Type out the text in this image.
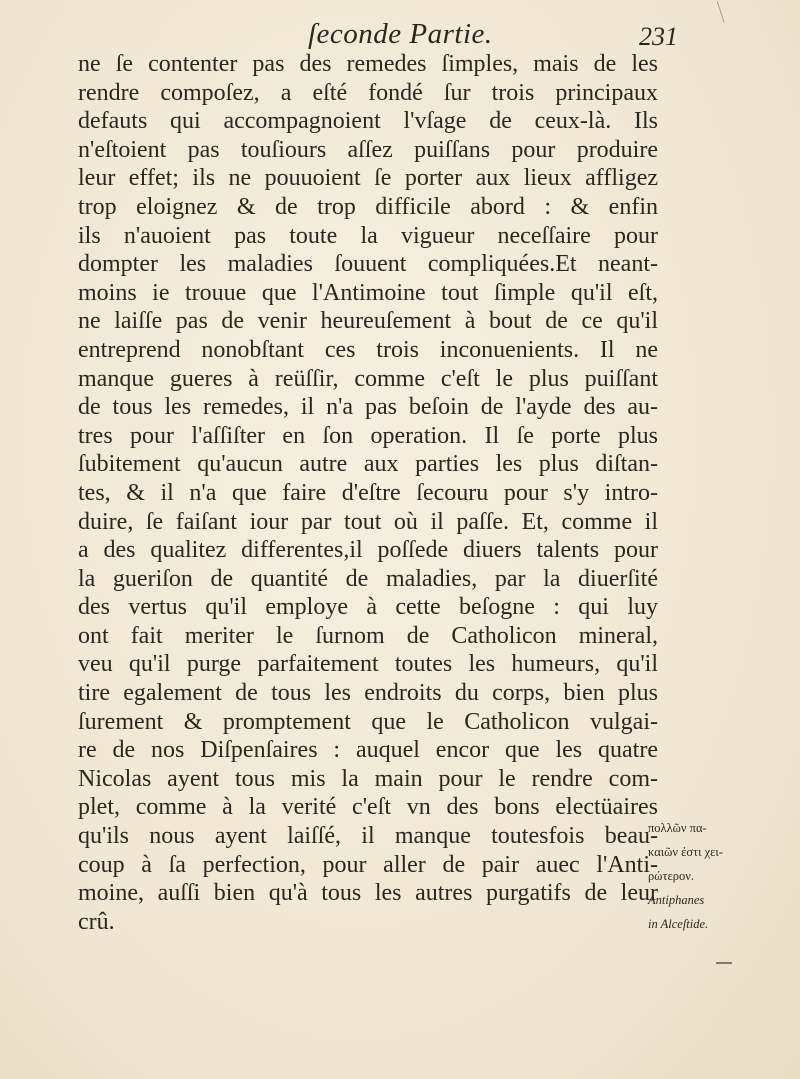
ſeconde Partie.	231
ne ſe contenter pas des remedes ſimples, mais de les
rendre compoſez, a eſté fondé ſur trois principaux
defauts qui accompagnoient l'vſage de ceux-là. Ils
n'eſtoient pas touſiours aſſez puiſſans pour produire
leur effet; ils ne pouuoient ſe porter aux lieux affligez
trop eloignez & de trop difficile abord : & enfin
ils n'auoient pas toute la vigueur neceſſaire pour
dompter les maladies ſouuent compliquées.Et neant-
moins ie trouue que l'Antimoine tout ſimple qu'il eſt,
ne laiſſe pas de venir heureuſement à bout de ce qu'il
entreprend nonobſtant ces trois inconuenients. Il ne
manque gueres à reüſſir, comme c'eſt le plus puiſſant
de tous les remedes, il n'a pas beſoin de l'ayde des au-
tres pour l'aſſiſter en ſon operation. Il ſe porte plus
ſubitement qu'aucun autre aux parties les plus diſtan-
tes, & il n'a que faire d'eſtre ſecouru pour s'y intro-
duire, ſe faiſant iour par tout où il paſſe. Et, comme il
a des qualitez differentes,il poſſede diuers talents pour
la gueriſon de quantité de maladies, par la diuerſité
des vertus qu'il employe à cette beſogne : qui luy
ont fait meriter le ſurnom de Catholicon mineral,
veu qu'il purge parfaitement toutes les humeurs, qu'il
tire egalement de tous les endroits du corps, bien plus
ſurement & promptement que le Catholicon vulgai-
re de nos Diſpenſaires : auquel encor que les quatre
Nicolas ayent tous mis la main pour le rendre com-
plet, comme à la verité c'eſt vn des bons electüaires
qu'ils nous ayent laiſſé, il manque toutesfois beau-
coup à ſa perfection, pour aller de pair auec l'Anti-
moine, auſſi bien qu'à tous les autres purgatifs de leur
crû.
πολλῶν πα-
καιῶν ἐστι χει-
ρώτερον.
Antiphanes
in Alceſtide.
